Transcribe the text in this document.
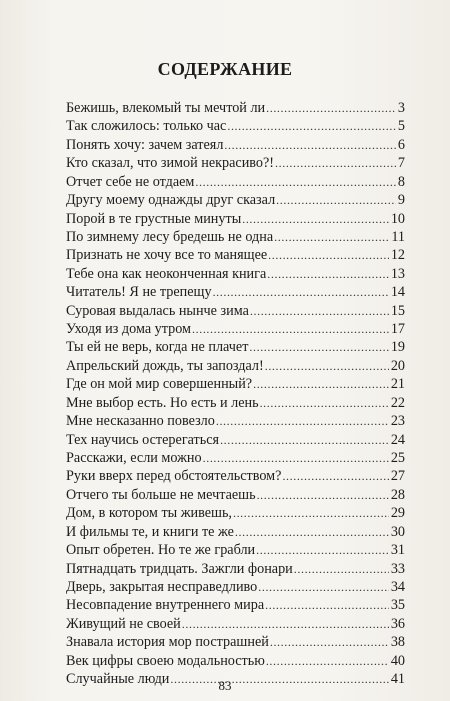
СОДЕРЖАНИЕ
Бежишь, влекомый ты мечтой ли .....	3
Так сложилось: только час .....	5
Понять хочу: зачем затеял .....	6
Кто сказал, что зимой некрасиво?! .....	7
Отчет себе не отдаем .....	8
Другу моему однажды друг сказал .....	9
Порой в те грустные минуты .....	10
По зимнему лесу бредешь не одна .....	11
Признать не хочу все то манящее .....	12
Тебе она как неоконченная книга .....	13
Читатель! Я не трепещу .....	14
Суровая выдалась нынче зима .....	15
Уходя из дома утром .....	17
Ты ей не верь, когда не плачет .....	19
Апрельский дождь, ты запоздал! .....	20
Где он мой мир совершенный? .....	21
Мне выбор есть. Но есть и лень .....	22
Мне несказанно повезло .....	23
Тех научись остерегаться .....	24
Расскажи, если можно .....	25
Руки вверх перед обстоятельством? .....	27
Отчего ты больше не мечтаешь .....	28
Дом, в котором ты живешь, .....	29
И фильмы те, и книги те же .....	30
Опыт обретен. Но те же грабли .....	31
Пятнадцать тридцать. Зажгли фонари .....	33
Дверь, закрытая несправедливо .....	34
Несовпадение внутреннего мира .....	35
Живущий не своей .....	36
Знавала история мор пострашней .....	38
Век цифры своею модальностью .....	40
Случайные люди .....	41
83
